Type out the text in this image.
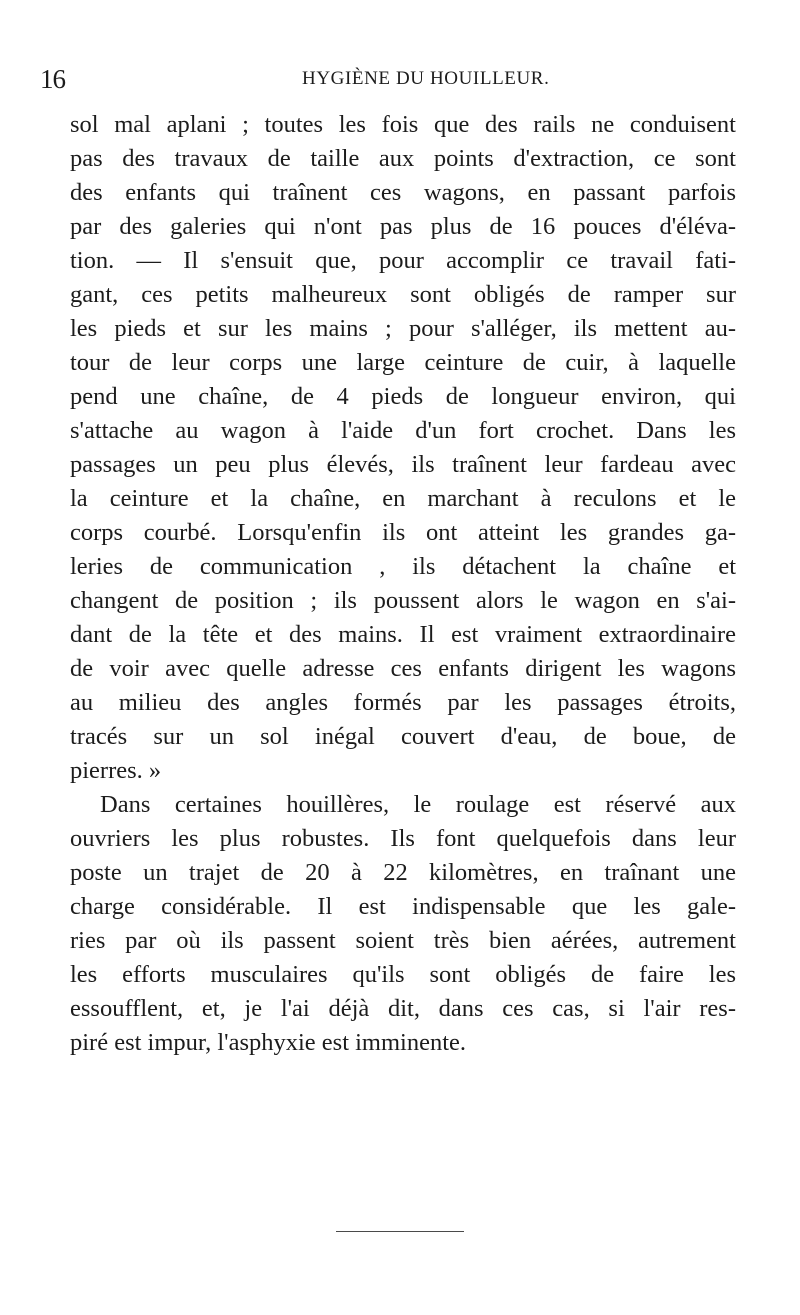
16	HYGIÈNE DU HOUILLEUR.
sol mal aplani ; toutes les fois que des rails ne conduisent
pas des travaux de taille aux points d'extraction, ce sont
des enfants qui traînent ces wagons, en passant parfois
par des galeries qui n'ont pas plus de 16 pouces d'éléva-
tion. — Il s'ensuit que, pour accomplir ce travail fati-
gant, ces petits malheureux sont obligés de ramper sur
les pieds et sur les mains ; pour s'alléger, ils mettent au-
tour de leur corps une large ceinture de cuir, à laquelle
pend une chaîne, de 4 pieds de longueur environ, qui
s'attache au wagon à l'aide d'un fort crochet. Dans les
passages un peu plus élevés, ils traînent leur fardeau avec
la ceinture et la chaîne, en marchant à reculons et le
corps courbé. Lorsqu'enfin ils ont atteint les grandes ga-
leries de communication , ils détachent la chaîne et
changent de position ; ils poussent alors le wagon en s'ai-
dant de la tête et des mains. Il est vraiment extraordinaire
de voir avec quelle adresse ces enfants dirigent les wagons
au milieu des angles formés par les passages étroits,
tracés sur un sol inégal couvert d'eau, de boue, de
pierres. »
Dans certaines houillères, le roulage est réservé aux
ouvriers les plus robustes. Ils font quelquefois dans leur
poste un trajet de 20 à 22 kilomètres, en traînant une
charge considérable. Il est indispensable que les gale-
ries par où ils passent soient très bien aérées, autrement
les efforts musculaires qu'ils sont obligés de faire les
essoufflent, et, je l'ai déjà dit, dans ces cas, si l'air res-
piré est impur, l'asphyxie est imminente.
